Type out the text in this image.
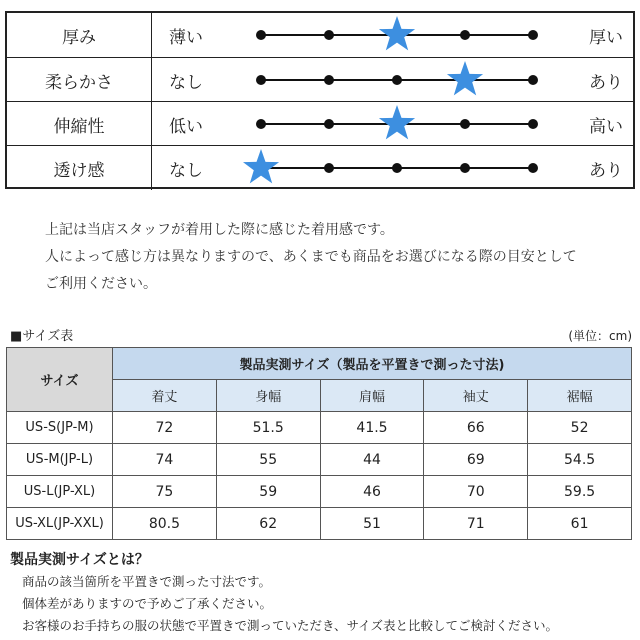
厚み	薄い	厚い
柔らかさ	なし	あり
伸縮性	低い	高い
透け感	なし	あり
上記は当店スタッフが着用した際に感じた着用感です。
人によって感じ方は異なりますので、あくまでも商品をお選びになる際の目安として
ご利用ください。
■サイズ表	(単位：cm)
サイズ	製品実測サイズ（製品を平置きで測った寸法)				
	着丈	身幅	肩幅	袖丈	裾幅
US-S(JP-M)	72	51.5	41.5	66	52
US-M(JP-L)	74	55	44	69	54.5
US-L(JP-XL)	75	59	46	70	59.5
US-XL(JP-XXL)	80.5	62	51	71	61
製品実測サイズとは？
商品の該当箇所を平置きで測った寸法です。
個体差がありますので予めご了承ください。
お客様のお手持ちの服の状態で平置きで測っていただき、サイズ表と比較してご検討ください。
